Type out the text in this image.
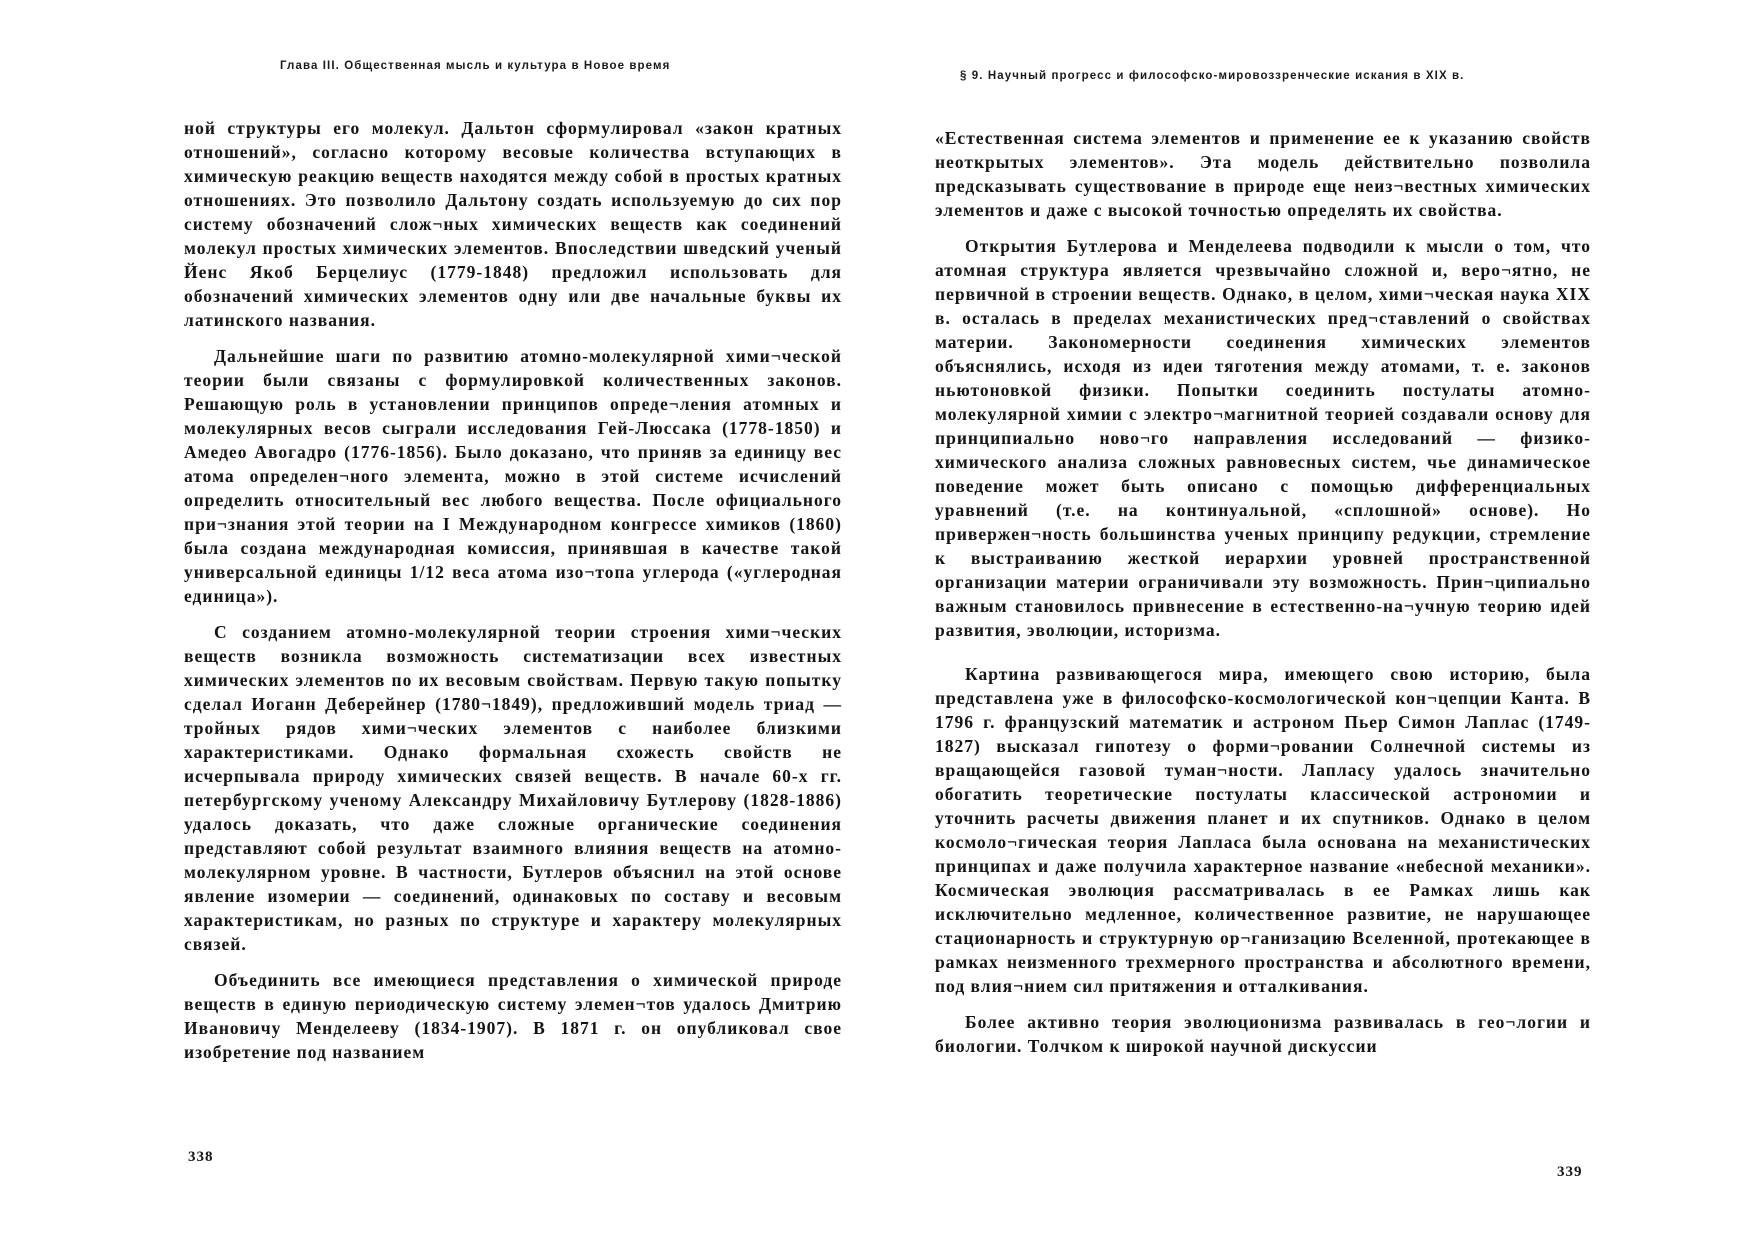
Глава III. Общественная мысль и культура в Новое время

ной структуры его молекул. Дальтон сформулировал «закон кратных отношений», согласно которому весовые количества вступающих в химическую реакцию веществ находятся между собой в простых кратных отношениях. Это позволило Дальтону создать используемую до сих пор систему обозначений слож¬ных химических веществ как соединений молекул простых химических элементов. Впоследствии шведский ученый Йенс Якоб Берцелиус (1779-1848) предложил использовать для обозначений химических элементов одну или две начальные буквы их латинского названия.

Дальнейшие шаги по развитию атомно-молекулярной хими¬ческой теории были связаны с формулировкой количественных законов. Решающую роль в установлении принципов опреде¬ления атомных и молекулярных весов сыграли исследования Гей-Люссака (1778-1850) и Амедео Авогадро (1776-1856). Было доказано, что приняв за единицу вес атома определен¬ного элемента, можно в этой системе исчислений определить относительный вес любого вещества. После официального при¬знания этой теории на I Международном конгрессе химиков (1860) была создана международная комиссия, принявшая в качестве такой универсальной единицы 1/12 веса атома изо¬топа углерода («углеродная единица»).

С созданием атомно-молекулярной теории строения хими¬ческих веществ возникла возможность систематизации всех известных химических элементов по их весовым свойствам. Первую такую попытку сделал Иоганн Деберейнер (1780¬1849), предложивший модель триад — тройных рядов хими¬ческих элементов с наиболее близкими характеристиками. Однако формальная схожесть свойств не исчерпывала природу химических связей веществ. В начале 60-х гг. петербургскому ученому Александру Михайловичу Бутлерову (1828-1886) удалось доказать, что даже сложные органические соединения представляют собой результат взаимного влияния веществ на атомно-молекулярном уровне. В частности, Бутлеров объяснил на этой основе явление изомерии — соединений, одинаковых по составу и весовым характеристикам, но разных по структуре и характеру молекулярных связей.

Объединить все имеющиеся представления о химической природе веществ в единую периодическую систему элемен¬тов удалось Дмитрию Ивановичу Менделееву (1834-1907). В 1871 г. он опубликовал свое изобретение под названием

338
§ 9. Научный прогресс и философско-мировоззренческие искания в XIX в.

«Естественная система элементов и применение ее к указанию свойств неоткрытых элементов». Эта модель действительно позволила предсказывать существование в природе еще неиз¬вестных химических элементов и даже с высокой точностью определять их свойства.

Открытия Бутлерова и Менделеева подводили к мысли о том, что атомная структура является чрезвычайно сложной и, веро¬ятно, не первичной в строении веществ. Однако, в целом, хими¬ческая наука XIX в. осталась в пределах механистических пред¬ставлений о свойствах материи. Закономерности соединения химических элементов объяснялись, исходя из идеи тяготения между атомами, т. е. законов ньютоновкой физики. Попытки соединить постулаты атомно-молекулярной химии с электро¬магнитной теорией создавали основу для принципиально ново¬го направления исследований — физико-химического анализа сложных равновесных систем, чье динамическое поведение может быть описано с помощью дифференциальных уравнений (т.е. на континуальной, «сплошной» основе). Но привержен¬ность большинства ученых принципу редукции, стремление к выстраиванию жесткой иерархии уровней пространственной организации материи ограничивали эту возможность. Прин¬ципиально важным становилось привнесение в естественно-на¬учную теорию идей развития, эволюции, историзма.

Картина развивающегося мира, имеющего свою историю, была представлена уже в философско-космологической кон¬цепции Канта. В 1796 г. французский математик и астроном Пьер Симон Лаплас (1749-1827) высказал гипотезу о форми¬ровании Солнечной системы из вращающейся газовой туман¬ности. Лапласу удалось значительно обогатить теоретические постулаты классической астрономии и уточнить расчеты движения планет и их спутников. Однако в целом космоло¬гическая теория Лапласа была основана на механистических принципах и даже получила характерное название «небесной механики». Космическая эволюция рассматривалась в ее Рамках лишь как исключительно медленное, количественное развитие, не нарушающее стационарность и структурную ор¬ганизацию Вселенной, протекающее в рамках неизменного трехмерного пространства и абсолютного времени, под влия¬нием сил притяжения и отталкивания.

Более активно теория эволюционизма развивалась в гео¬логии и биологии. Толчком к широкой научной дискуссии

339
